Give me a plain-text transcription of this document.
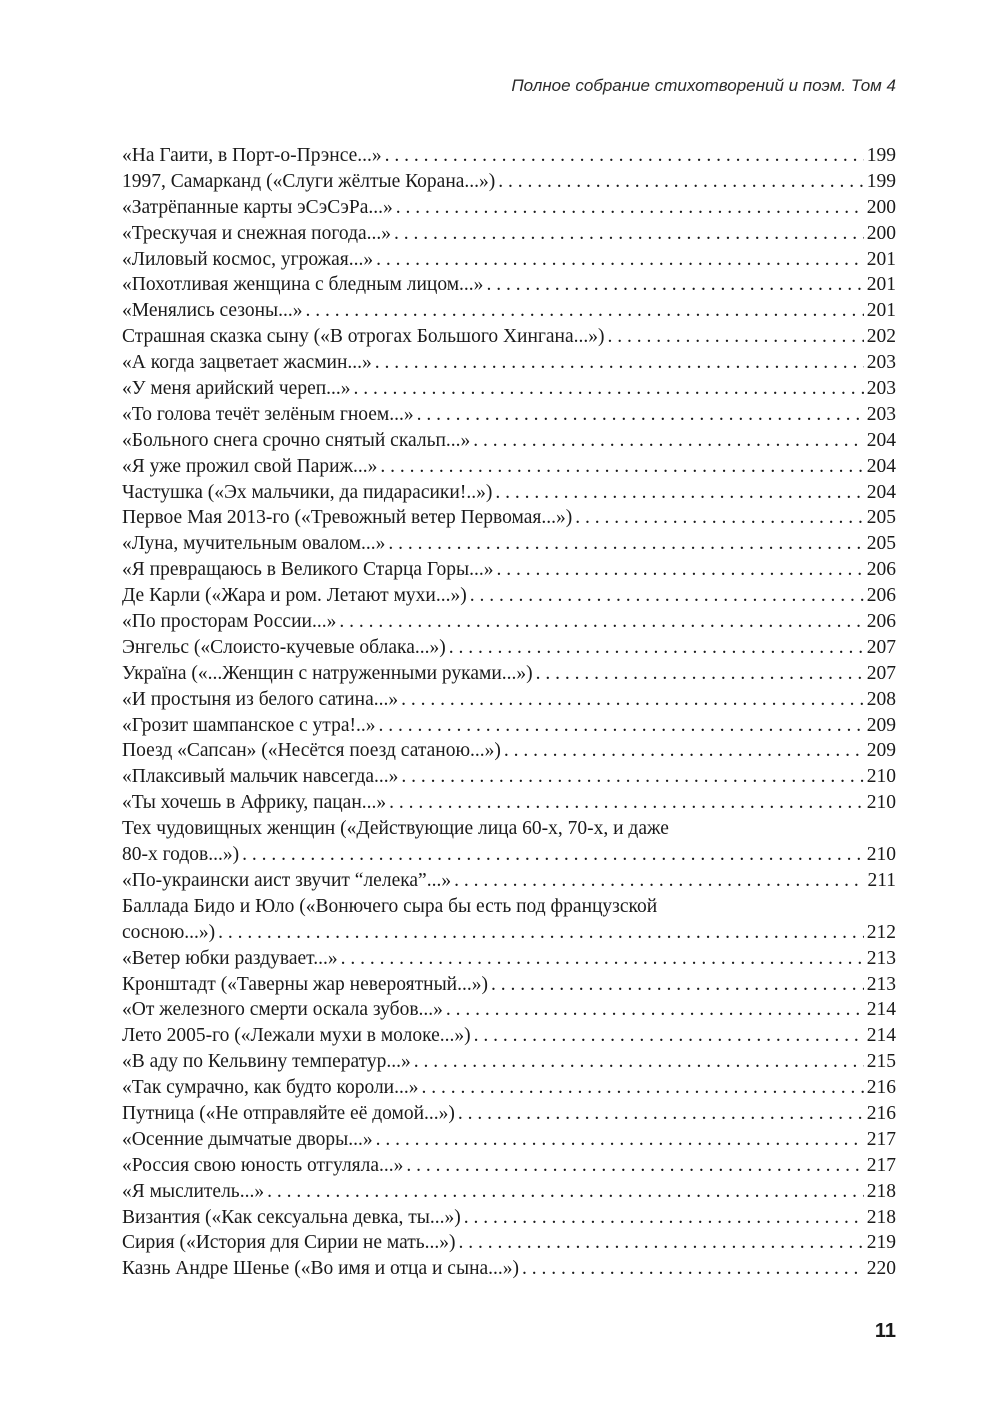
Полное собрание стихотворений и поэм. Том 4
«На Гаити, в Порт-о-Прэнсе...» . . .	199
1997, Самарканд («Слуги жёлтые Корана...») . . .	199
«Затрёпанные карты эСэСэРа...» . . .	200
«Трескучая и снежная погода...» . . .	200
«Лиловый космос, угрожая...» . . .	201
«Похотливая женщина с бледным лицом...» . . .	201
«Менялись сезоны...» . . .	201
Страшная сказка сыну («В отрогах Большого Хингана...») . . .	202
«А когда зацветает жасмин...» . . .	203
«У меня арийский череп...» . . .	203
«То голова течёт зелёным гноем...» . . .	203
«Больного снега срочно снятый скальп...» . . .	204
«Я уже прожил свой Париж...» . . .	204
Частушка («Эх мальчики, да пидарасики!..») . . .	204
Первое Мая 2013-го («Тревожный ветер Первомая...») . . .	205
«Луна, мучительным овалом...» . . .	205
«Я превращаюсь в Великого Старца Горы...» . . .	206
Де Карли («Жара и ром. Летают мухи...») . . .	206
«По просторам России...» . . .	206
Энгельс («Слоисто-кучевые облака...») . . .	207
Українa («...Женщин с натруженными руками...») . . .	207
«И простыня из белого сатина...» . . .	208
«Грозит шампанское с утра!..» . . .	209
Поезд «Сапсан» («Несётся поезд сатаною...») . . .	209
«Плаксивый мальчик навсегда...» . . .	210
«Ты хочешь в Африку, пацан...» . . .	210
Тех чудовищных женщин («Действующие лица 60-х, 70-х, и даже
80-х годов...») . . .	210
«По-украински аист звучит “лелека”...» . . .	211
Баллада Бидо и Юло («Вонючего сыра бы есть под французской
сосною...») . . .	212
«Ветер юбки раздувает...» . . .	213
Кронштадт («Таверны жар невероятный...») . . .	213
«От железного смерти оскала зубов...» . . .	214
Лето 2005-го («Лежали мухи в молоке...») . . .	214
«В аду по Кельвину температур...» . . .	215
«Так сумрачно, как будто короли...» . . .	216
Путница («Не отправляйте её домой...») . . .	216
«Осенние дымчатые дворы...» . . .	217
«Россия свою юность отгуляла...» . . .	217
«Я мыслитель...» . . .	218
Византия («Как сексуальна девка, ты...») . . .	218
Сирия («История для Сирии не мать...») . . .	219
Казнь Андре Шенье («Во имя и отца и сына...») . . .	220
11
